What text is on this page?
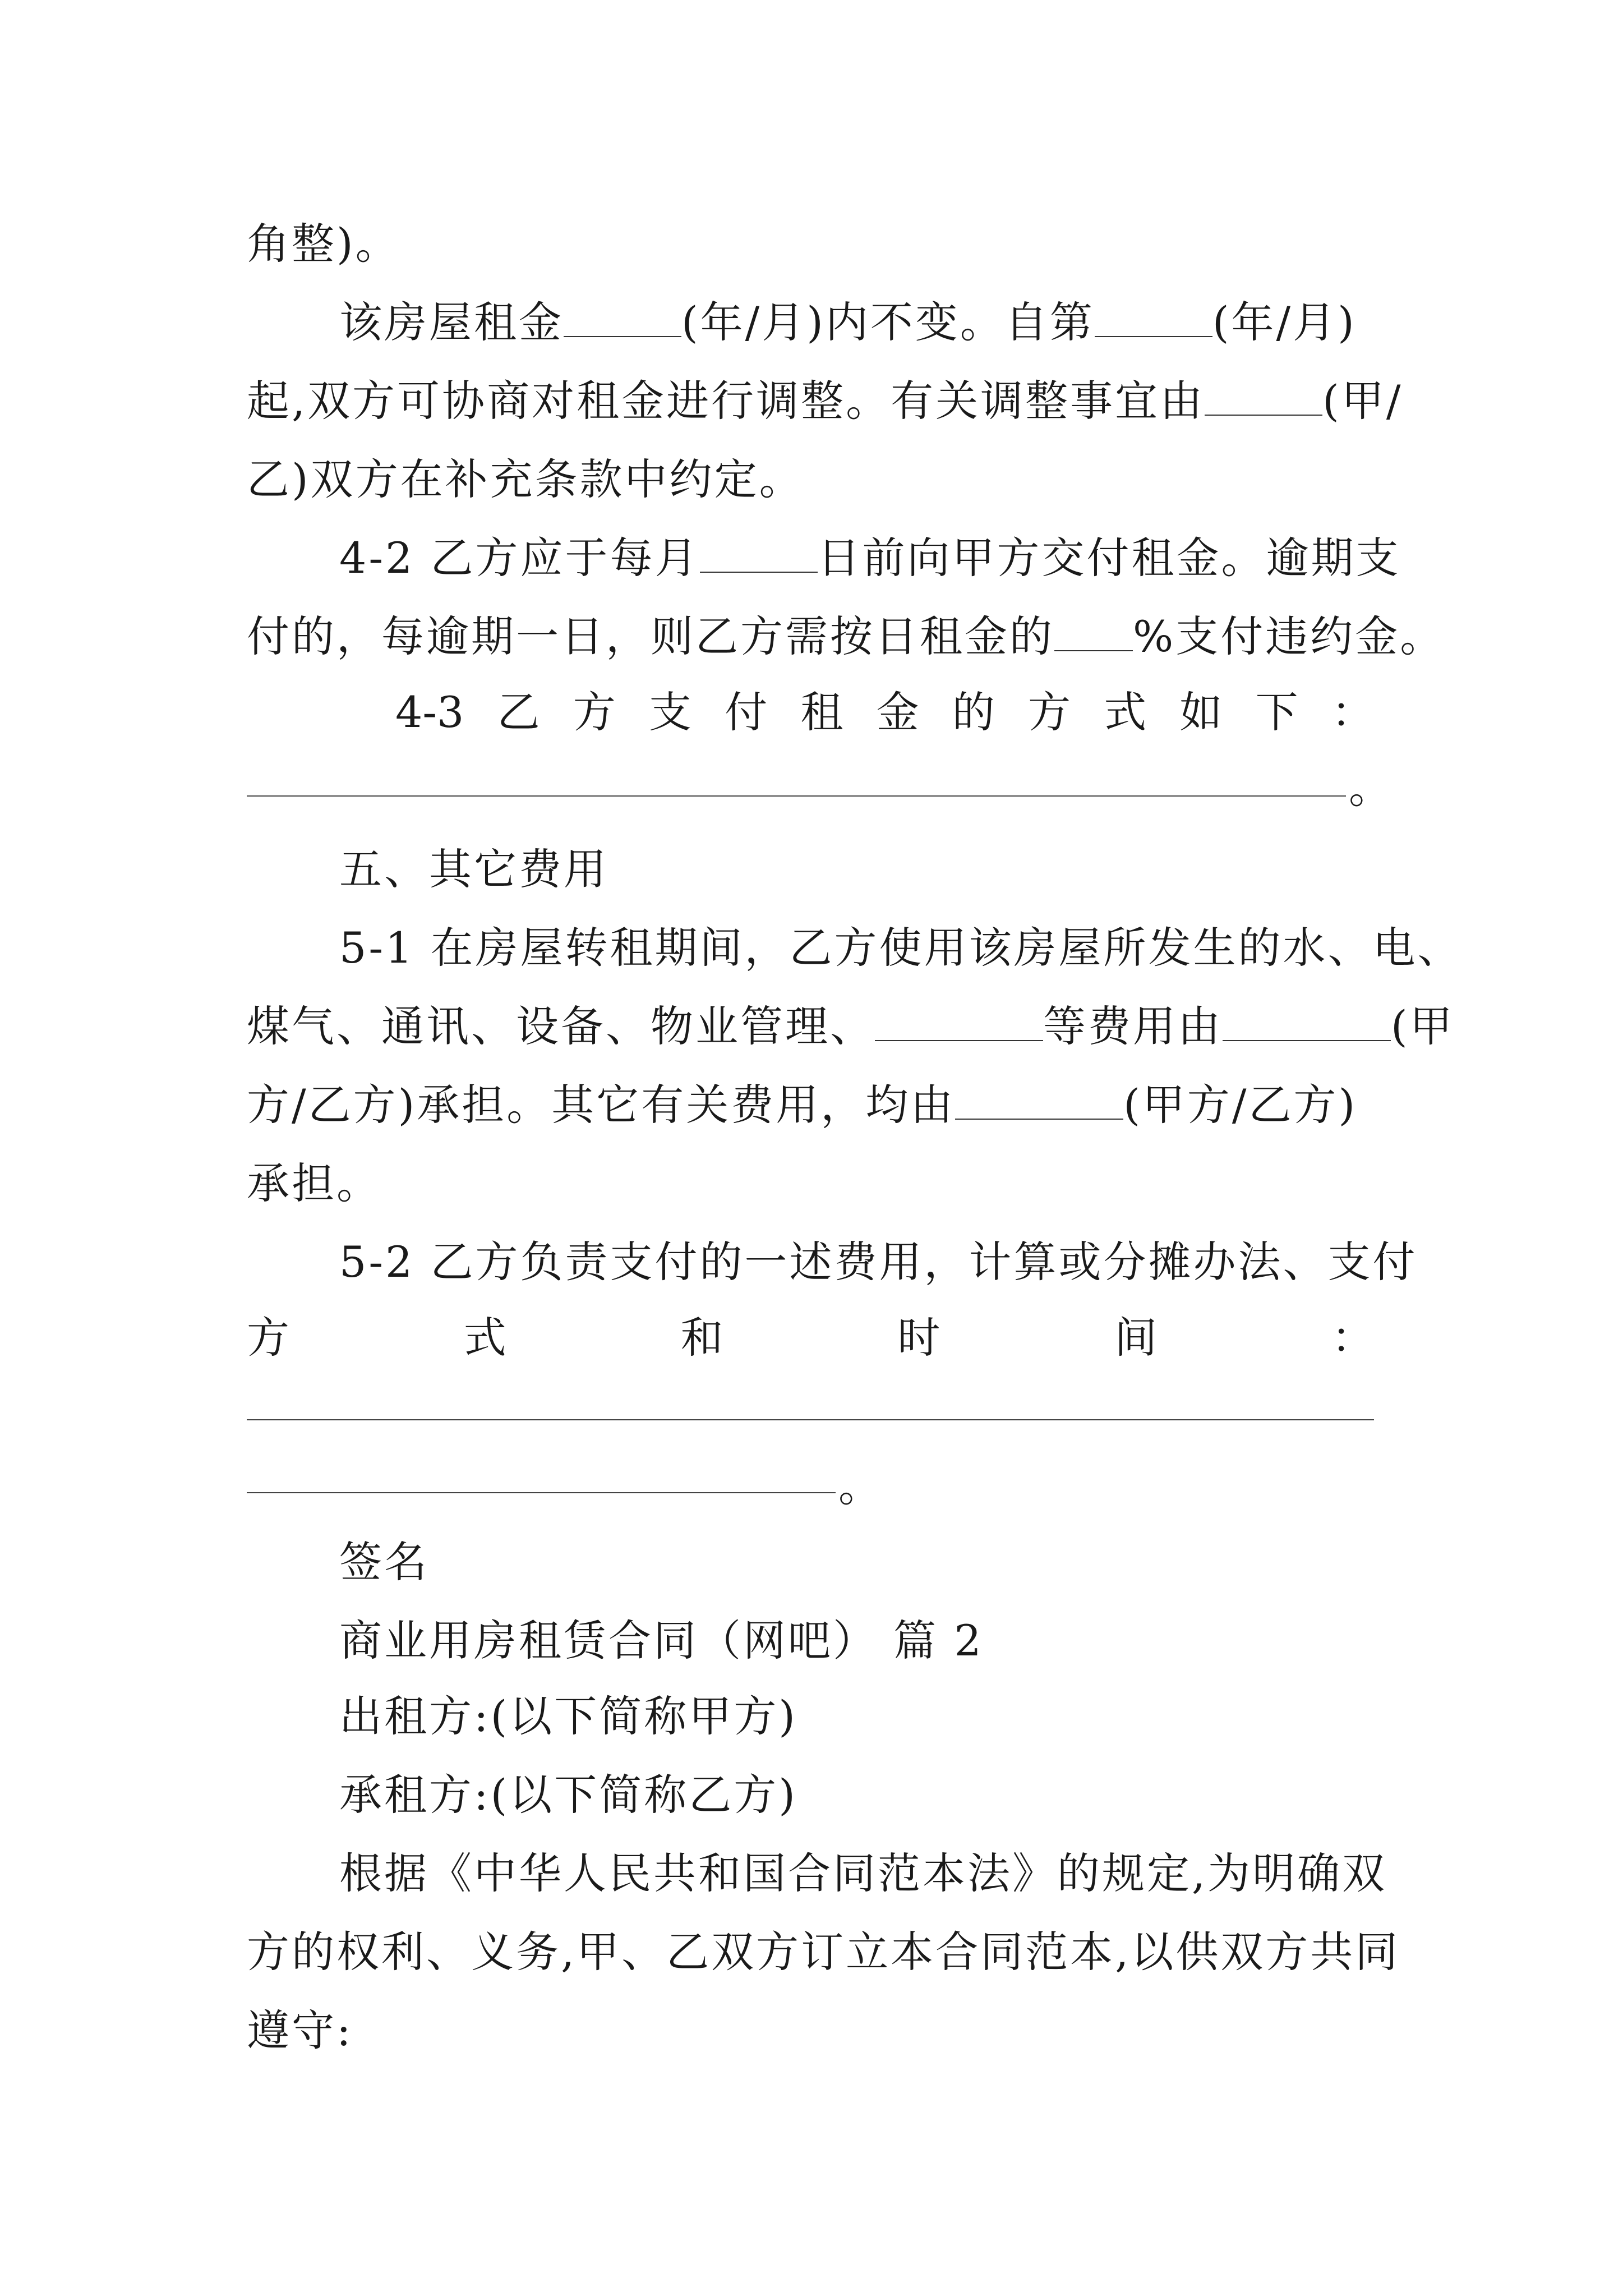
角整)。
该房屋租金	(年/月)内不变。自第	(年/月)
起,双方可协商对租金进行调整。有关调整事宜由	(甲/
乙)双方在补充条款中约定。
4-2 乙方应于每月	日前向甲方交付租金。逾期支
付的，每逾期一日，则乙方需按日租金的 %支付违约金。
4-3 乙 方 支 付 租 金 的 方 式 如 下 ：
。
五、其它费用
5-1 在房屋转租期间，乙方使用该房屋所发生的水、电、
煤气、通讯、设备、物业管理、	等费用由	(甲
方/乙方)承担。其它有关费用，均由	(甲方/乙方)
承担。
5-2 乙方负责支付的一述费用，计算或分摊办法、支付
方	式	和	时	间	：
。
签名
商业用房租赁合同（网吧） 篇 2
出租方:(以下简称甲方)
承租方:(以下简称乙方)
根据《中华人民共和国合同范本法》的规定,为明确双
方的权利、义务,甲、乙双方订立本合同范本,以供双方共同
遵守:
